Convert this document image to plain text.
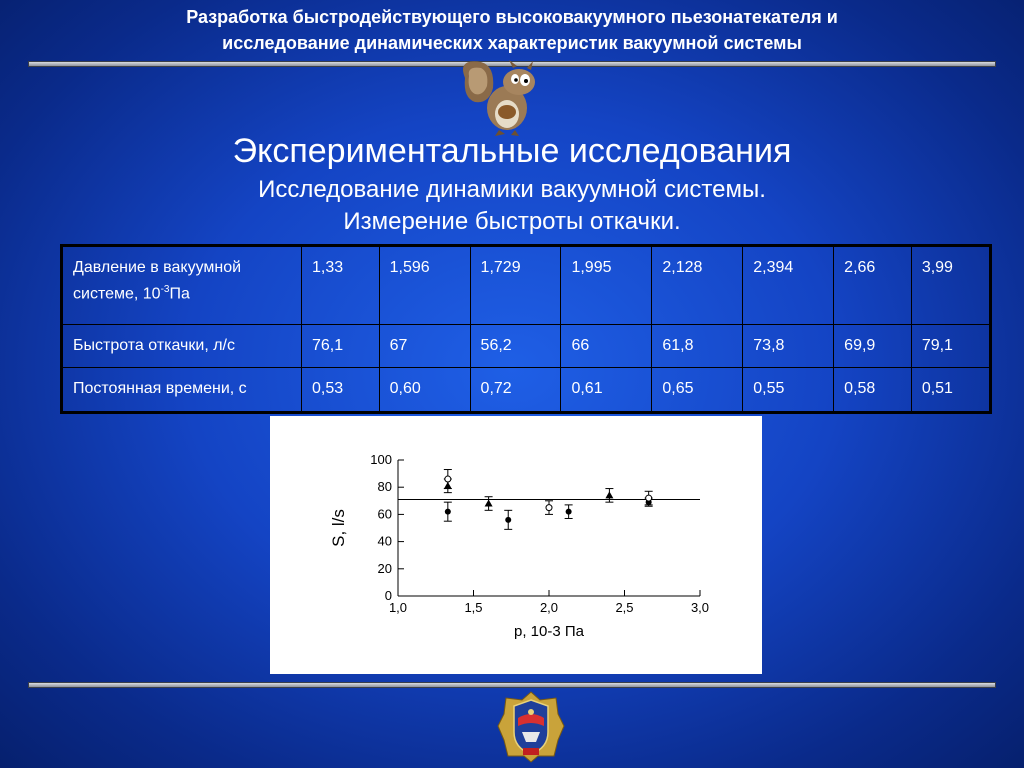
Разработка быстродействующего высоковакуумного пьезонатекателя и
исследование динамических характеристик вакуумной системы
Экспериментальные исследования
Исследование динамики вакуумной системы.
Измерение быстроты откачки.
Давление в вакуумной системе, $10^{-3}Па$	1,33	1,596	1,729	1,995	2,128	2,394	2,66	3,99
Быстрота откачки, л/с	76,1	67	56,2	66	61,8	73,8	69,9	79,1
Постоянная времени, с	0,53	0,60	0,72	0,61	0,65	0,55	0,58	0,51
0
20
40
60
80
100
1,0	1,5	2,0	2,5	3,0
p, 10-3 Па
S, l/s
